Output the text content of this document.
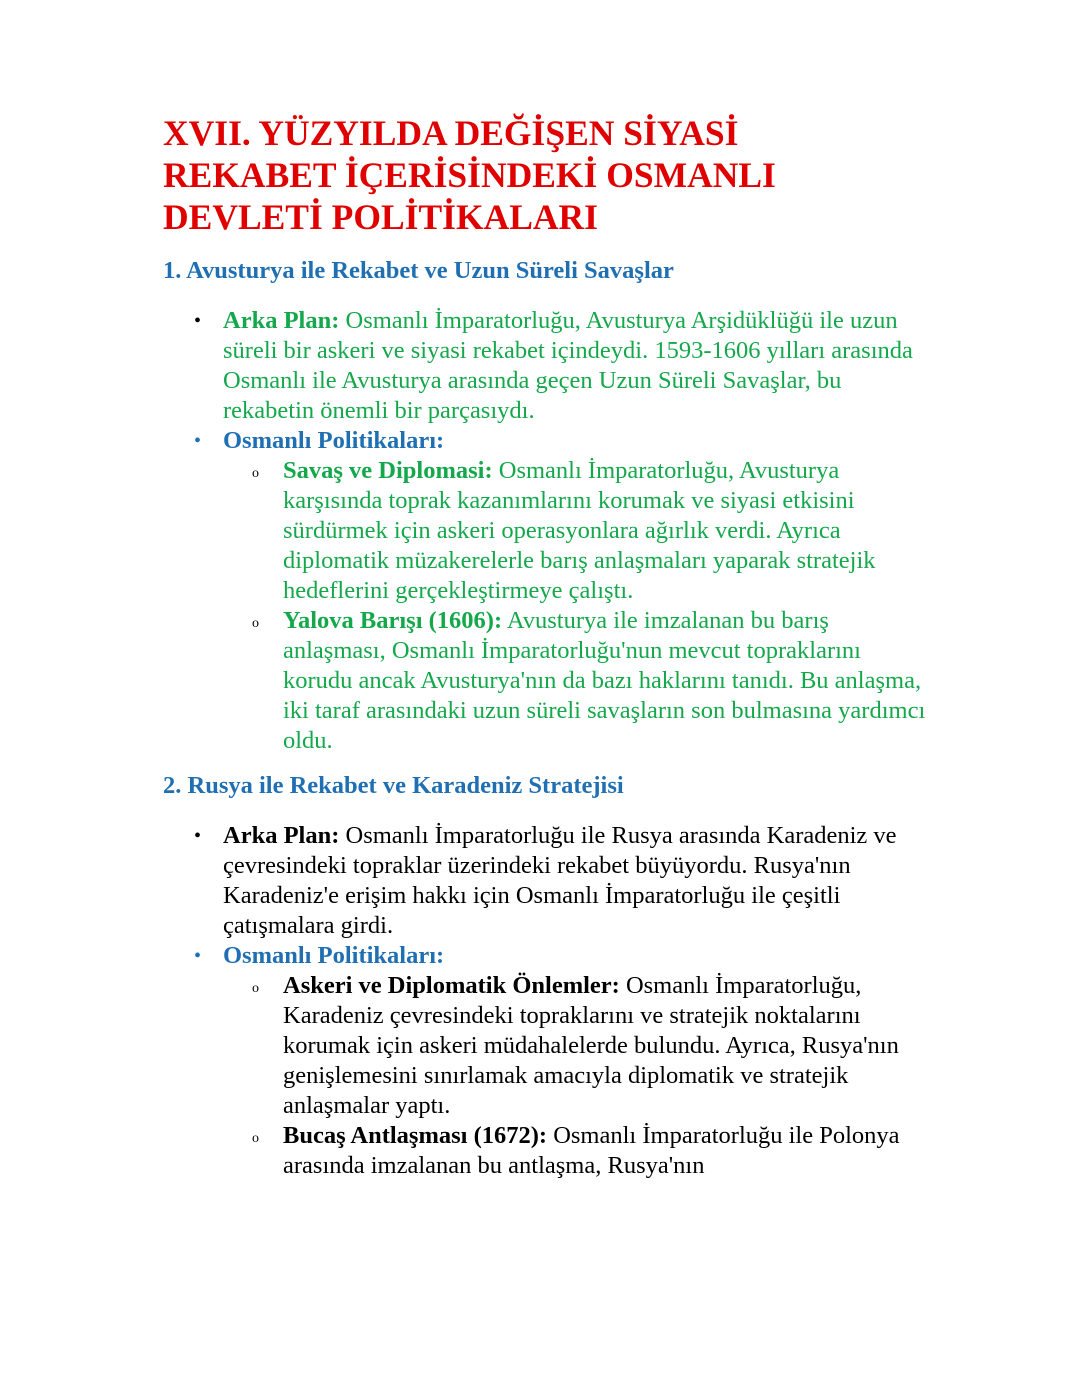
XVII. YÜZYILDA DEĞİŞEN SİYASİ
REKABET İÇERİSİNDEKİ OSMANLI
DEVLETİ POLİTİKALARI
1. Avusturya ile Rekabet ve Uzun Süreli Savaşlar
• Arka Plan: Osmanlı İmparatorluğu, Avusturya Arşidüklüğü ile uzun süreli bir askeri ve siyasi rekabet içindeydi. 1593-1606 yılları arasında Osmanlı ile Avusturya arasında geçen Uzun Süreli Savaşlar, bu rekabetin önemli bir parçasıydı.
• Osmanlı Politikaları:
o Savaş ve Diplomasi: Osmanlı İmparatorluğu, Avusturya karşısında toprak kazanımlarını korumak ve siyasi etkisini sürdürmek için askeri operasyonlara ağırlık verdi. Ayrıca diplomatik müzakerelerle barış anlaşmaları yaparak stratejik hedeflerini gerçekleştirmeye çalıştı.
o Yalova Barışı (1606): Avusturya ile imzalanan bu barış anlaşması, Osmanlı İmparatorluğu'nun mevcut topraklarını korudu ancak Avusturya'nın da bazı haklarını tanıdı. Bu anlaşma, iki taraf arasındaki uzun süreli savaşların son bulmasına yardımcı oldu.
2. Rusya ile Rekabet ve Karadeniz Stratejisi
• Arka Plan: Osmanlı İmparatorluğu ile Rusya arasında Karadeniz ve çevresindeki topraklar üzerindeki rekabet büyüyordu. Rusya'nın Karadeniz'e erişim hakkı için Osmanlı İmparatorluğu ile çeşitli çatışmalara girdi.
• Osmanlı Politikaları:
o Askeri ve Diplomatik Önlemler: Osmanlı İmparatorluğu, Karadeniz çevresindeki topraklarını ve stratejik noktalarını korumak için askeri müdahalelerde bulundu. Ayrıca, Rusya'nın genişlemesini sınırlamak amacıyla diplomatik ve stratejik anlaşmalar yaptı.
o Bucaş Antlaşması (1672): Osmanlı İmparatorluğu ile Polonya arasında imzalanan bu antlaşma, Rusya'nın
